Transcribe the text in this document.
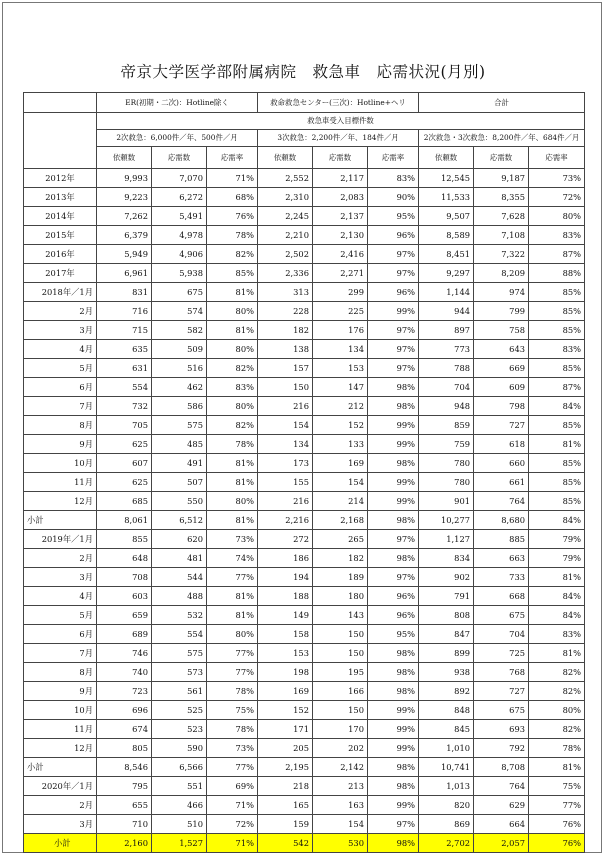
帝京大学医学部附属病院　救急車　応需状況(月別)
	ER(初期・二次)：Hotline除く			救命救急センター(三次)：Hotline+ヘリ			合計		
	救急車受入目標件数								
	2次救急：6,000件／年、500件／月			3次救急：2,200件／年、184件／月			2次救急・3次救急：8,200件／年、684件／月		
	依頼数	応需数	応需率	依頼数	応需数	応需率	依頼数	応需数	応需率
2012年	9,993	7,070	71%	2,552	2,117	83%	12,545	9,187	73%
2013年	9,223	6,272	68%	2,310	2,083	90%	11,533	8,355	72%
2014年	7,262	5,491	76%	2,245	2,137	95%	9,507	7,628	80%
2015年	6,379	4,978	78%	2,210	2,130	96%	8,589	7,108	83%
2016年	5,949	4,906	82%	2,502	2,416	97%	8,451	7,322	87%
2017年	6,961	5,938	85%	2,336	2,271	97%	9,297	8,209	88%
2018年／1月	831	675	81%	313	299	96%	1,144	974	85%
2月	716	574	80%	228	225	99%	944	799	85%
3月	715	582	81%	182	176	97%	897	758	85%
4月	635	509	80%	138	134	97%	773	643	83%
5月	631	516	82%	157	153	97%	788	669	85%
6月	554	462	83%	150	147	98%	704	609	87%
7月	732	586	80%	216	212	98%	948	798	84%
8月	705	575	82%	154	152	99%	859	727	85%
9月	625	485	78%	134	133	99%	759	618	81%
10月	607	491	81%	173	169	98%	780	660	85%
11月	625	507	81%	155	154	99%	780	661	85%
12月	685	550	80%	216	214	99%	901	764	85%
小計	8,061	6,512	81%	2,216	2,168	98%	10,277	8,680	84%
2019年／1月	855	620	73%	272	265	97%	1,127	885	79%
2月	648	481	74%	186	182	98%	834	663	79%
3月	708	544	77%	194	189	97%	902	733	81%
4月	603	488	81%	188	180	96%	791	668	84%
5月	659	532	81%	149	143	96%	808	675	84%
6月	689	554	80%	158	150	95%	847	704	83%
7月	746	575	77%	153	150	98%	899	725	81%
8月	740	573	77%	198	195	98%	938	768	82%
9月	723	561	78%	169	166	98%	892	727	82%
10月	696	525	75%	152	150	99%	848	675	80%
11月	674	523	78%	171	170	99%	845	693	82%
12月	805	590	73%	205	202	99%	1,010	792	78%
小計	8,546	6,566	77%	2,195	2,142	98%	10,741	8,708	81%
2020年／1月	795	551	69%	218	213	98%	1,013	764	75%
2月	655	466	71%	165	163	99%	820	629	77%
3月	710	510	72%	159	154	97%	869	664	76%
小計	2,160	1,527	71%	542	530	98%	2,702	2,057	76%
